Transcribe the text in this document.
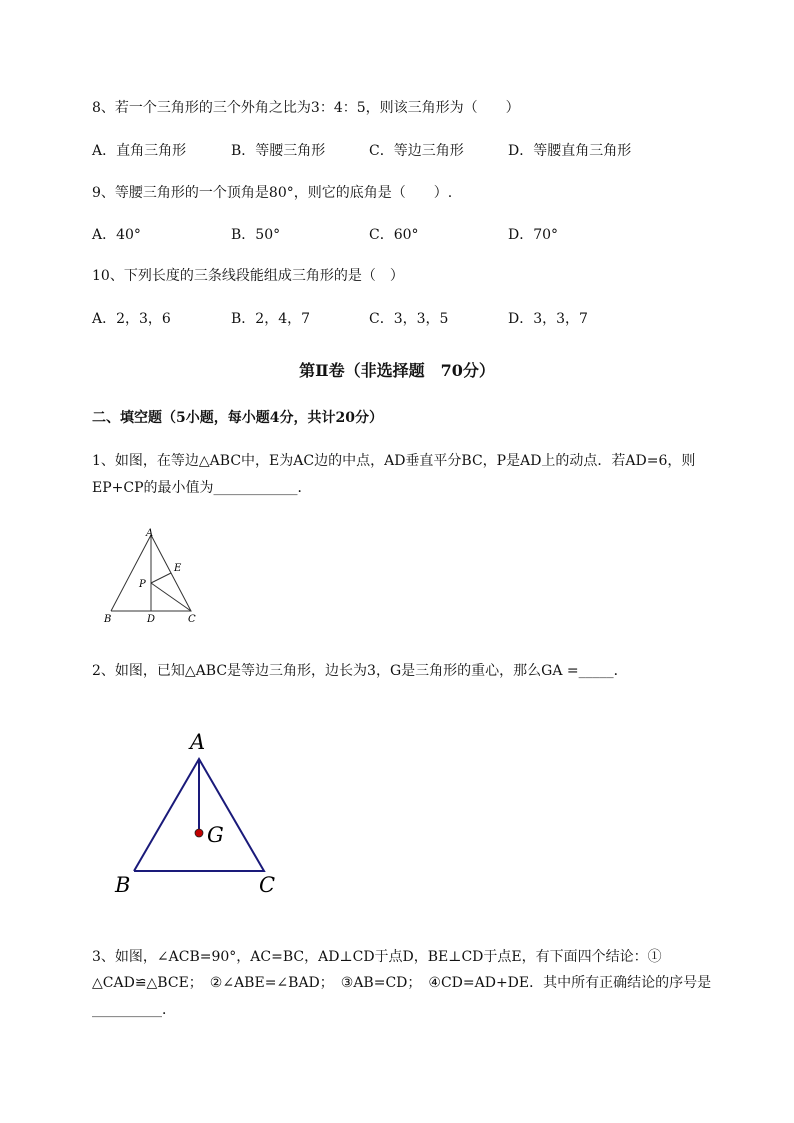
8、若一个三角形的三个外角之比为3：4：5，则该三角形为（　　）
A．直角三角形	B．等腰三角形	C．等边三角形	D．等腰直角三角形
9、等腰三角形的一个顶角是80°，则它的底角是（　　）.
A．40°	B．50°	C．60°	D．70°
10、下列长度的三条线段能组成三角形的是（　）
A．2，3，6	B．2，4，7	C．3，3，5	D．3，3，7
第Ⅱ卷（非选择题　70分）
二、填空题（5小题，每小题4分，共计20分）
1、如图，在等边△ABC中，E为AC边的中点，AD垂直平分BC，P是AD上的动点．若AD=6，则
EP+CP的最小值为____________．
A
E
P
B	D	C
2、如图，已知△ABC是等边三角形，边长为3，G是三角形的重心，那么GA =_____．
A
G
B	C
3、如图，∠ACB=90°，AC=BC，AD⊥CD于点D，BE⊥CD于点E，有下面四个结论：①
△CAD≌△BCE；　②∠ABE=∠BAD；　③AB=CD；　④CD=AD+DE．其中所有正确结论的序号是
__________．
